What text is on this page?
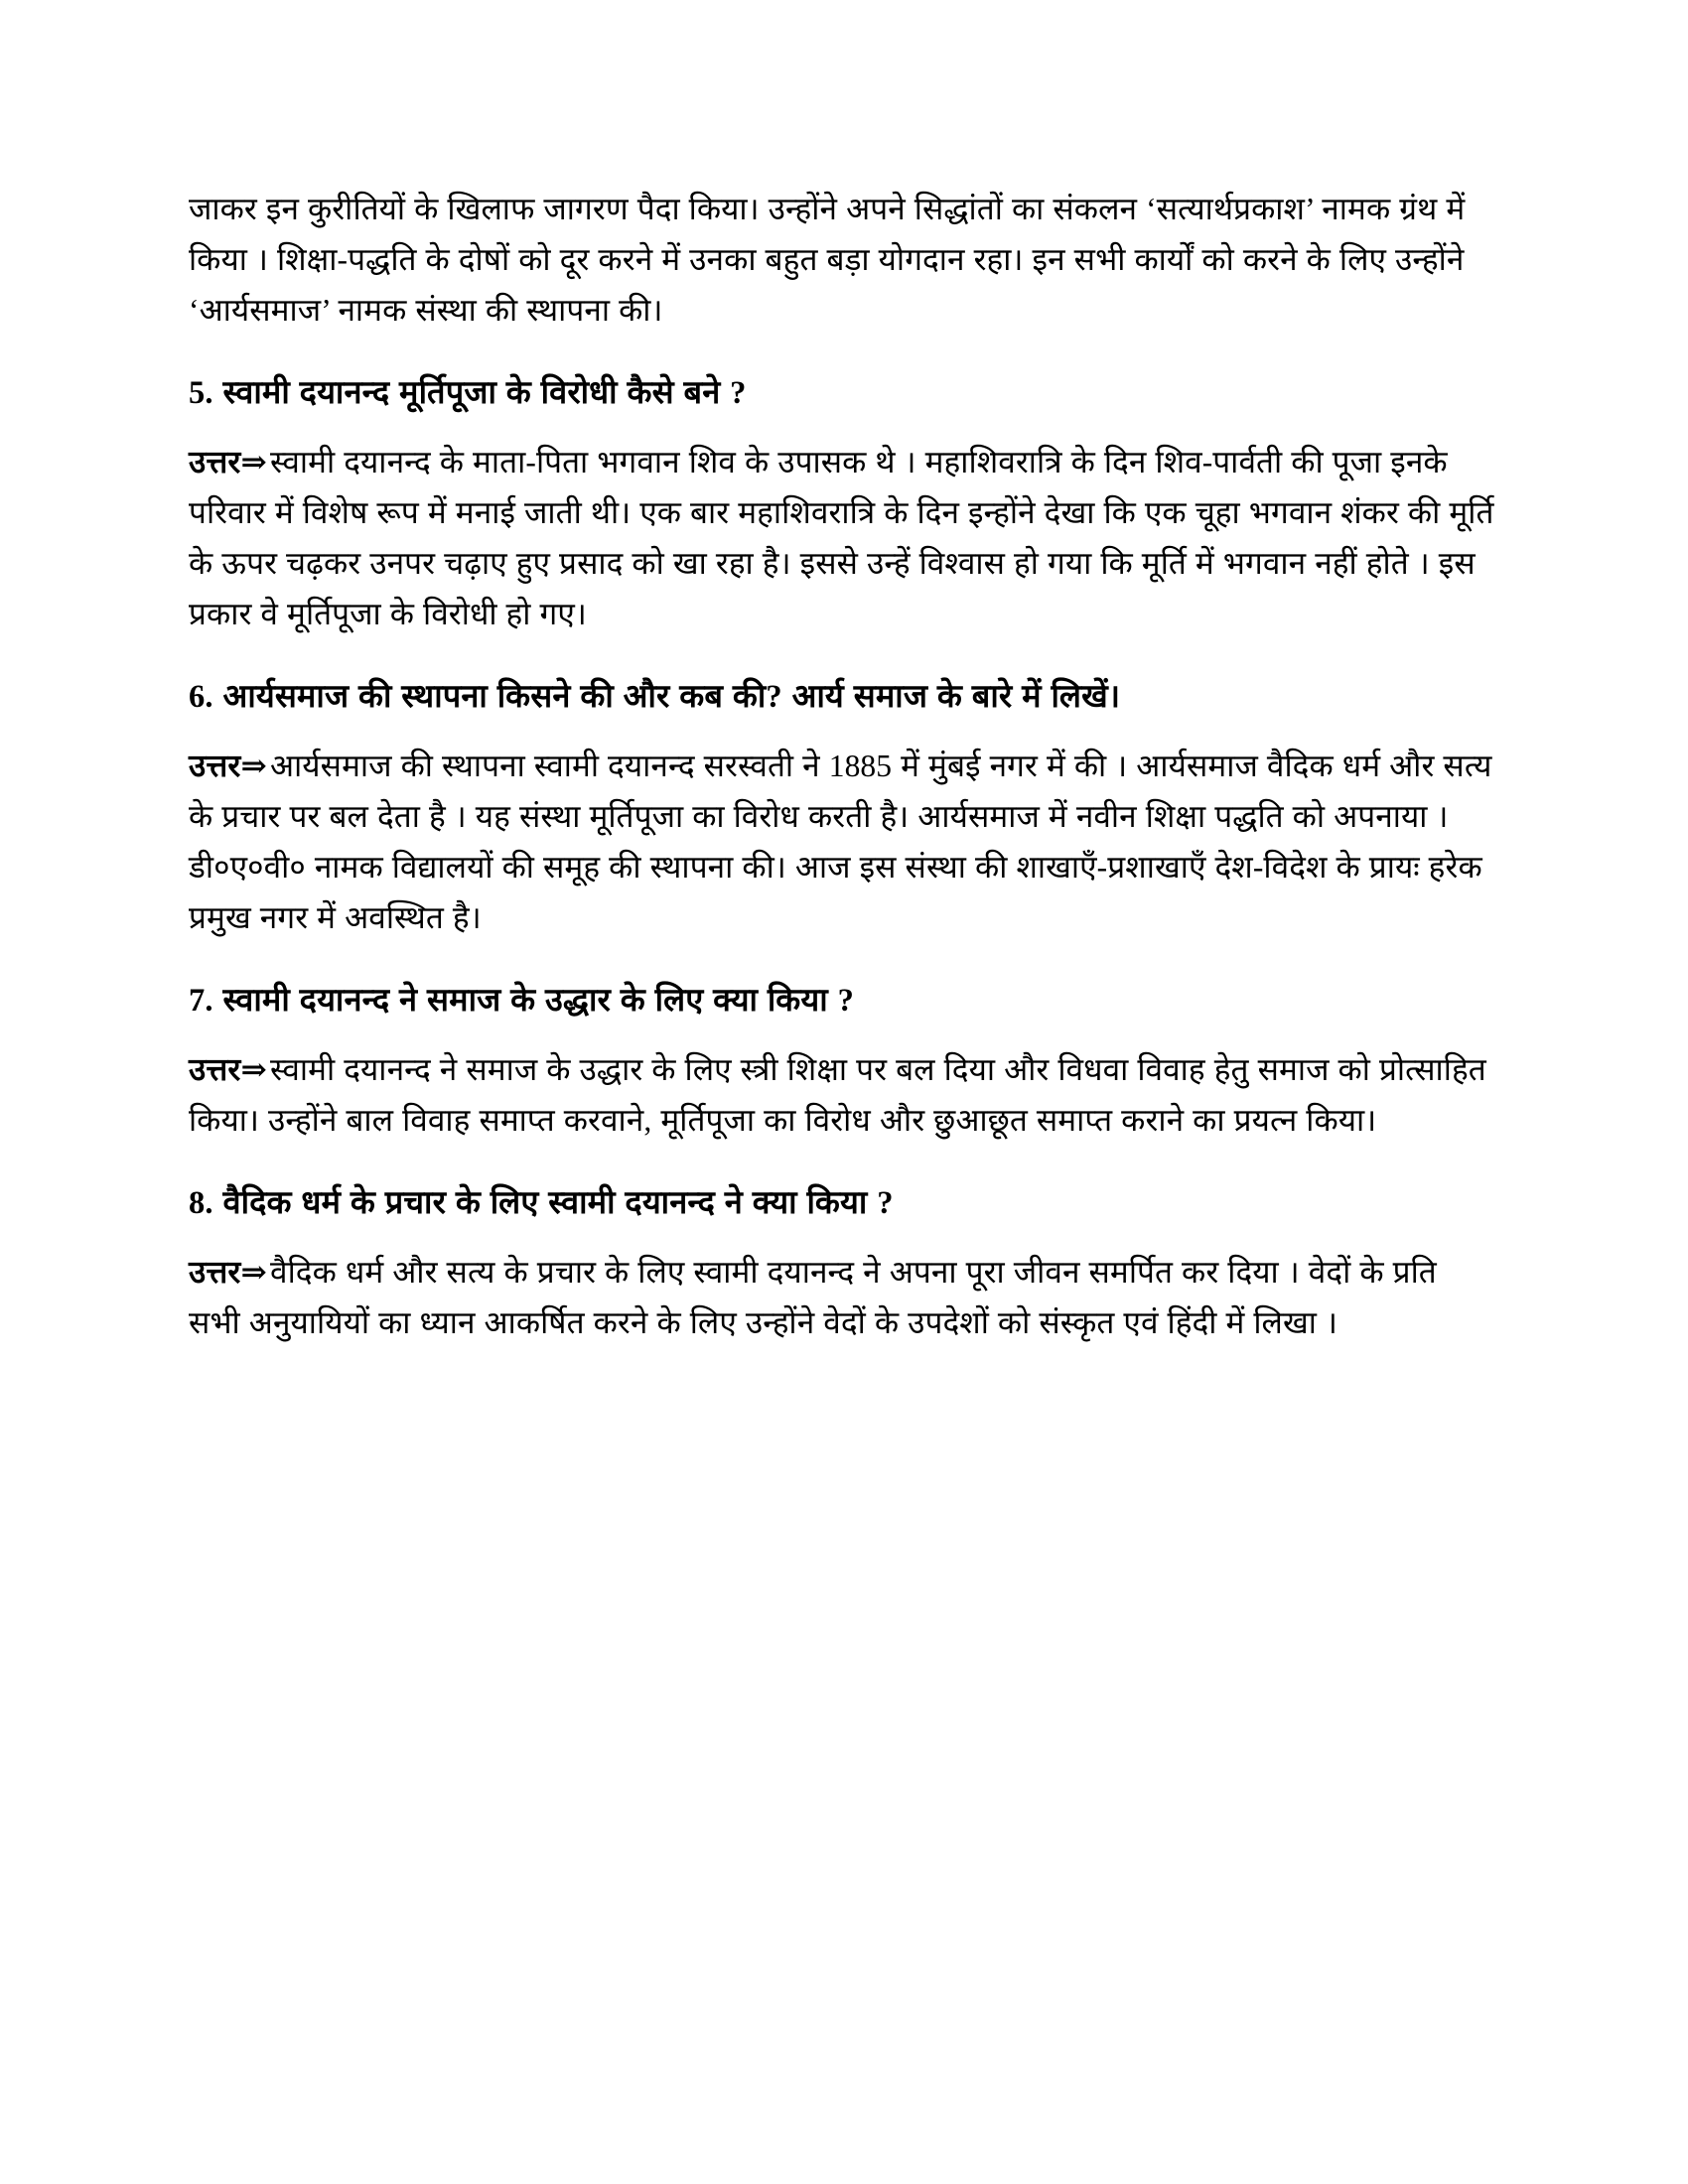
जाकर इन कुरीतियों के खिलाफ जागरण पैदा किया। उन्होंने अपने सिद्धांतों का संकलन ‘सत्यार्थप्रकाश’ नामक ग्रंथ में किया । शिक्षा-पद्धति के दोषों को दूर करने में उनका बहुत बड़ा योगदान रहा। इन सभी कार्यों को करने के लिए उन्होंने ‘आर्यसमाज’ नामक संस्था की स्थापना की।

5. स्वामी दयानन्द मूर्तिपूजा के विरोधी कैसे बने ?

उत्तर⇒स्वामी दयानन्द के माता-पिता भगवान शिव के उपासक थे । महाशिवरात्रि के दिन शिव-पार्वती की पूजा इनके परिवार में विशेष रूप में मनाई जाती थी। एक बार महाशिवरात्रि के दिन इन्होंने देखा कि एक चूहा भगवान शंकर की मूर्ति के ऊपर चढ़कर उनपर चढ़ाए हुए प्रसाद को खा रहा है। इससे उन्हें विश्वास हो गया कि मूर्ति में भगवान नहीं होते । इस प्रकार वे मूर्तिपूजा के विरोधी हो गए।

6. आर्यसमाज की स्थापना किसने की और कब की? आर्य समाज के बारे में लिखें।

उत्तर⇒आर्यसमाज की स्थापना स्वामी दयानन्द सरस्वती ने 1885 में मुंबई नगर में की । आर्यसमाज वैदिक धर्म और सत्य के प्रचार पर बल देता है । यह संस्था मूर्तिपूजा का विरोध करती है। आर्यसमाज में नवीन शिक्षा पद्धति को अपनाया । डी०ए०वी० नामक विद्यालयों की समूह की स्थापना की। आज इस संस्था की शाखाएँ-प्रशाखाएँ देश-विदेश के प्रायः हरेक प्रमुख नगर में अवस्थित है।

7. स्वामी दयानन्द ने समाज के उद्धार के लिए क्या किया ?

उत्तर⇒स्वामी दयानन्द ने समाज के उद्धार के लिए स्त्री शिक्षा पर बल दिया और विधवा विवाह हेतु समाज को प्रोत्साहित किया। उन्होंने बाल विवाह समाप्त करवाने, मूर्तिपूजा का विरोध और छुआछूत समाप्त कराने का प्रयत्न किया।

8. वैदिक धर्म के प्रचार के लिए स्वामी दयानन्द ने क्या किया ?

उत्तर⇒वैदिक धर्म और सत्य के प्रचार के लिए स्वामी दयानन्द ने अपना पूरा जीवन समर्पित कर दिया । वेदों के प्रति सभी अनुयायियों का ध्यान आकर्षित करने के लिए उन्होंने वेदों के उपदेशों को संस्कृत एवं हिंदी में लिखा ।
